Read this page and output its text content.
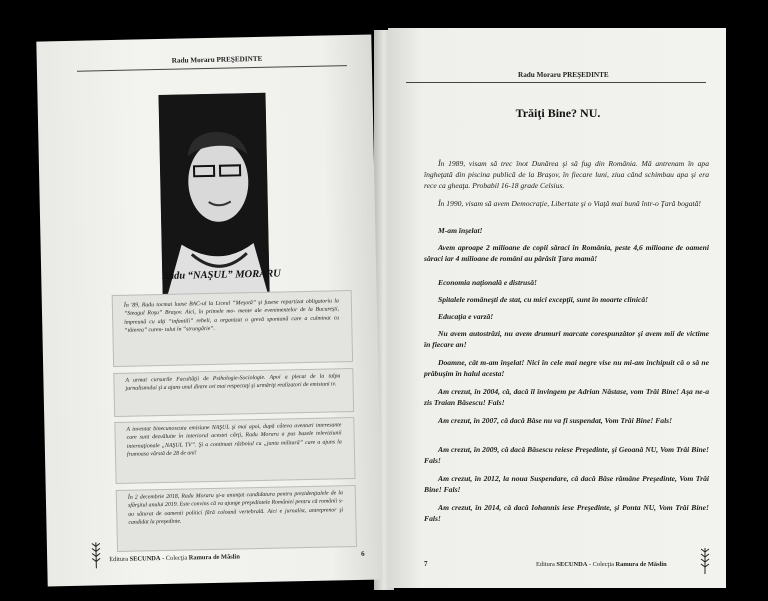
Radu Moraru PREŞEDINTE
Radu “NAŞUL” MORARU
În '89, Radu tocmai luase BAC-ul la Liceul “Meşotă” şi fusese repartizat obligatoriu la “Steagul Roşu” Braşov. Aici, în primele mo- mente ale evenimentelor de la Bucureşti, împreună cu alţi “infantili” rebeli, a organizat o grevă spontană care a culminat cu “tăierea” curen- tului în “strungărie”.
A urmat cursurile Facultăţii de Psihologie-Sociologie. Apoi a plecat de la talpa jurnalismului şi a ajuns unul dintre cei mai respectaţi şi urmăriţi realizatori de emisiuni tv.
A inventat binecunoscuta emisiune NAŞUL şi mai apoi, după câteva aventuri interesante care sunt dezvăluite în interiorul acestei cărţi, Radu Moraru a pus bazele televiziunii internaţionale „NAŞUL TV”. Şi a continuat războiul cu „junta militară” care a ajuns la frumoasa vârstă de 28 de ani!
În 2 decembrie 2018, Radu Moraru şi-a anunţat candidatura pentru prezidenţialele de la sfârşitul anului 2019. Este convins că va ajunge preşedintele României pentru că românii s-au săturat de oamenii politici fără coloană vertebrală. Aici e jurnalist, antreprenor şi candidat la preşedinte.
Editura SECUNDA - Colecţia Ramura de Măslin	6
Radu Moraru PREŞEDINTE
Trăiţi Bine? NU.
În 1989, visam să trec înot Dunărea şi să fug din România. Mă antrenam în apa îngheţată din piscina publică de la Braşov, în fiecare luni, ziua când schimbau apa şi era rece ca gheaţa. Probabil 16-18 grade Celsius.
În 1990, visam să avem Democraţie, Libertate şi o Viaţă mai bună într-o Ţară bogată!
M-am înşelat!
Avem aproape 2 milioane de copii săraci în România, peste 4,6 milioane de oameni săraci iar 4 milioane de români au părăsit Ţara mamă!
Economia naţională e distrusă!
Spitalele româneşti de stat, cu mici excepţii, sunt în moarte clinică!
Educaţia e varză!
Nu avem autostrăzi, nu avem drumuri marcate corespunzător şi avem mii de victime în fiecare an!
Doamne, cât m-am înşelat! Nici în cele mai negre vise nu mi-am închipuit că o să ne prăbuşim în halul acesta!
Am crezut, în 2004, că, dacă îl învingem pe Adrian Năstase, vom Trăi Bine! Aşa ne-a zis Traian Băsescu! Fals!
Am crezut, în 2007, că dacă Băse nu va fi suspendat, Vom Trăi Bine! Fals!
Am crezut, în 2009, că dacă Băsescu reiese Preşedinte, şi Geoană NU, Vom Trăi Bine! Fals!
Am crezut, în 2012, la noua Suspendare, că dacă Băse rămâne Preşedinte, Vom Trăi Bine! Fals!
Am crezut, în 2014, că dacă Iohannis iese Preşedinte, şi Ponta NU, Vom Trăi Bine! Fals!
7	Editura SECUNDA - Colecţia Ramura de Măslin
